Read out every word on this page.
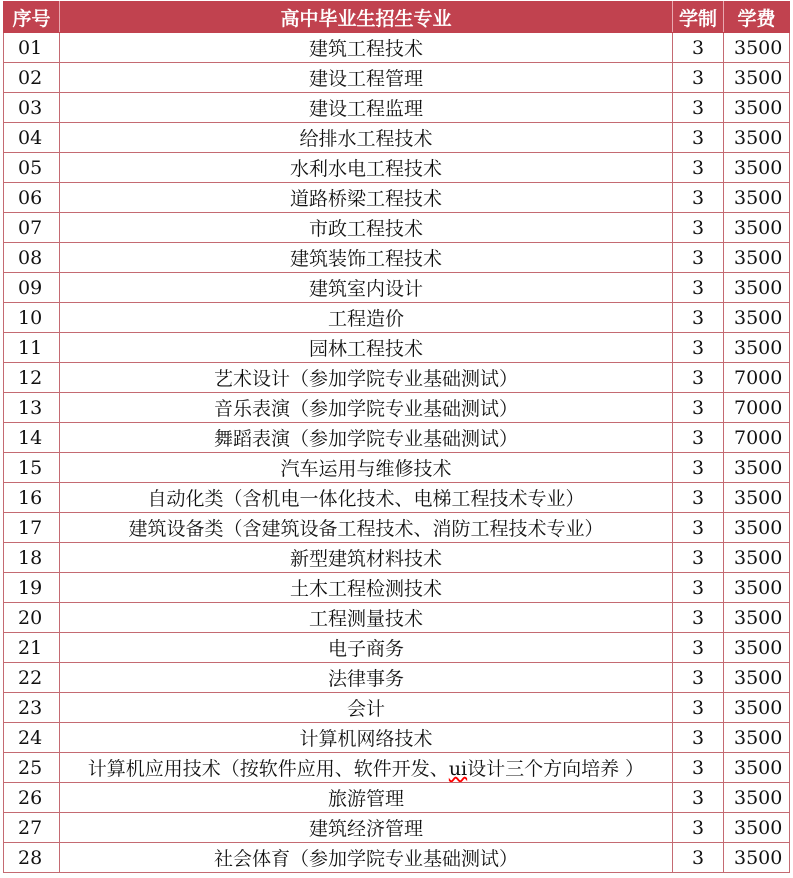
序号	高中毕业生招生专业	学制	学费
01	建筑工程技术	3	3500
02	建设工程管理	3	3500
03	建设工程监理	3	3500
04	给排水工程技术	3	3500
05	水利水电工程技术	3	3500
06	道路桥梁工程技术	3	3500
07	市政工程技术	3	3500
08	建筑装饰工程技术	3	3500
09	建筑室内设计	3	3500
10	工程造价	3	3500
11	园林工程技术	3	3500
12	艺术设计（参加学院专业基础测试）	3	7000
13	音乐表演（参加学院专业基础测试）	3	7000
14	舞蹈表演（参加学院专业基础测试）	3	7000
15	汽车运用与维修技术	3	3500
16	自动化类（含机电一体化技术、电梯工程技术专业）	3	3500
17	建筑设备类（含建筑设备工程技术、消防工程技术专业）	3	3500
18	新型建筑材料技术	3	3500
19	土木工程检测技术	3	3500
20	工程测量技术	3	3500
21	电子商务	3	3500
22	法律事务	3	3500
23	会计	3	3500
24	计算机网络技术	3	3500
25	计算机应用技术（按软件应用、软件开发、ui设计三个方向培养 ）	3	3500
26	旅游管理	3	3500
27	建筑经济管理	3	3500
28	社会体育（参加学院专业基础测试）	3	3500
